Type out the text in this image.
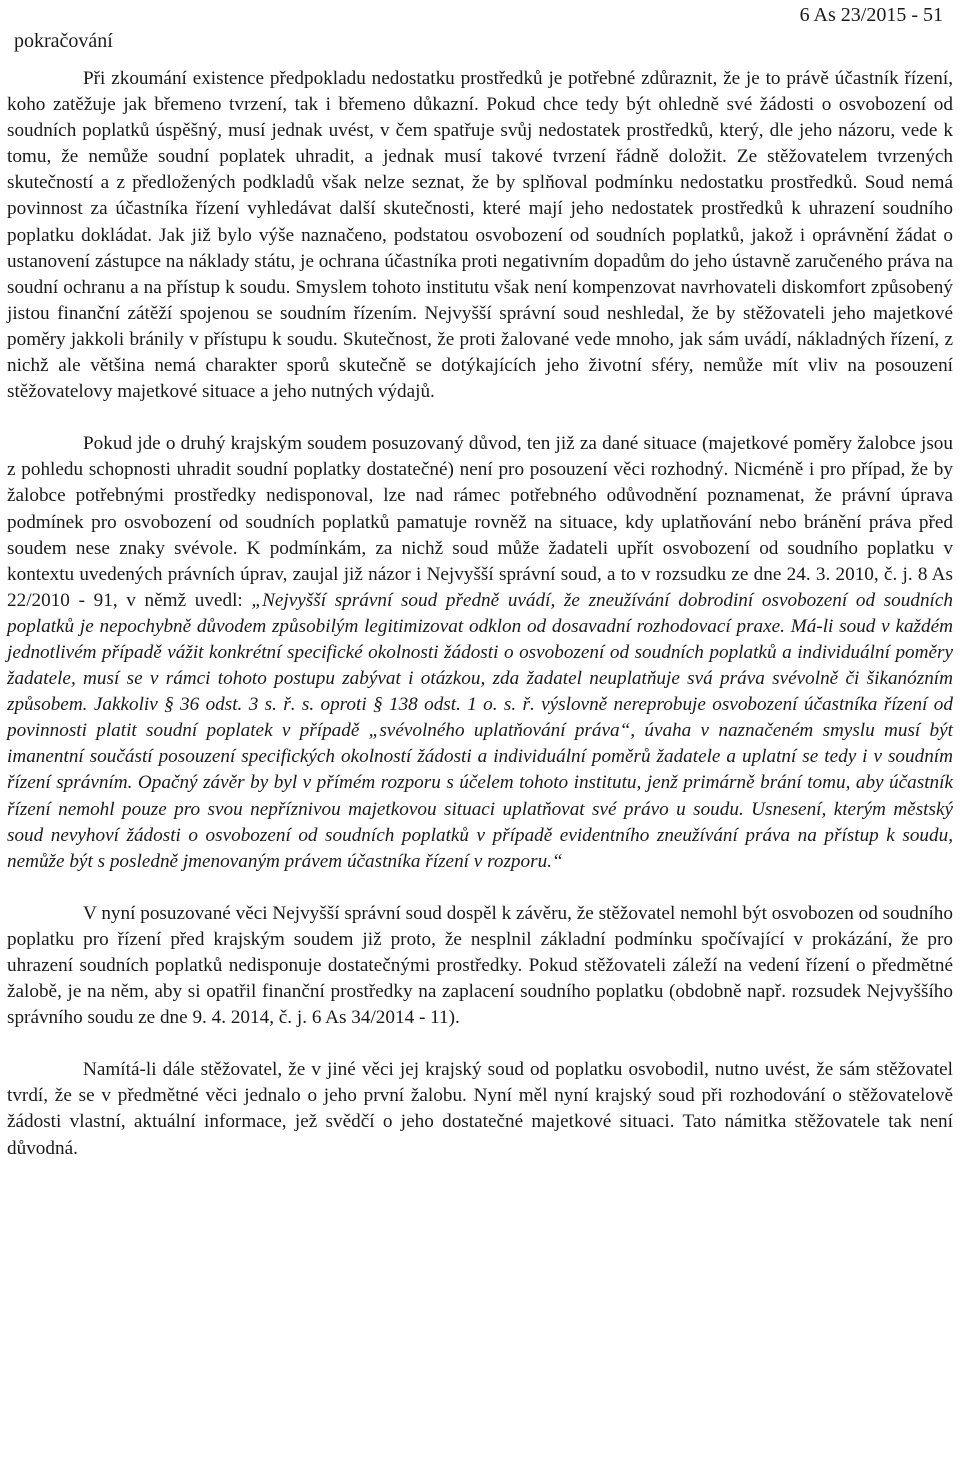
pokračování
6 As 23/2015 - 51

Při zkoumání existence předpokladu nedostatku prostředků je potřebné zdůraznit, že je to právě účastník řízení, koho zatěžuje jak břemeno tvrzení, tak i břemeno důkazní. Pokud chce tedy být ohledně své žádosti o osvobození od soudních poplatků úspěšný, musí jednak uvést, v čem spatřuje svůj nedostatek prostředků, který, dle jeho názoru, vede k tomu, že nemůže soudní poplatek uhradit, a jednak musí takové tvrzení řádně doložit. Ze stěžovatelem tvrzených skutečností a z předložených podkladů však nelze seznat, že by splňoval podmínku nedostatku prostředků. Soud nemá povinnost za účastníka řízení vyhledávat další skutečnosti, které mají jeho nedostatek prostředků k uhrazení soudního poplatku dokládat. Jak již bylo výše naznačeno, podstatou osvobození od soudních poplatků, jakož i oprávnění žádat o ustanovení zástupce na náklady státu, je ochrana účastníka proti negativním dopadům do jeho ústavně zaručeného práva na soudní ochranu a na přístup k soudu. Smyslem tohoto institutu však není kompenzovat navrhovateli diskomfort způsobený jistou finanční zátěží spojenou se soudním řízením. Nejvyšší správní soud neshledal, že by stěžovateli jeho majetkové poměry jakkoli bránily v přístupu k soudu. Skutečnost, že proti žalované vede mnoho, jak sám uvádí, nákladných řízení, z nichž ale většina nemá charakter sporů skutečně se dotýkajících jeho životní sféry, nemůže mít vliv na posouzení stěžovatelovy majetkové situace a jeho nutných výdajů.

Pokud jde o druhý krajským soudem posuzovaný důvod, ten již za dané situace (majetkové poměry žalobce jsou z pohledu schopnosti uhradit soudní poplatky dostatečné) není pro posouzení věci rozhodný. Nicméně i pro případ, že by žalobce potřebnými prostředky nedisponoval, lze nad rámec potřebného odůvodnění poznamenat, že právní úprava podmínek pro osvobození od soudních poplatků pamatuje rovněž na situace, kdy uplatňování nebo bránění práva před soudem nese znaky svévole. K podmínkám, za nichž soud může žadateli upřít osvobození od soudního poplatku v kontextu uvedených právních úprav, zaujal již názor i Nejvyšší správní soud, a to v rozsudku ze dne 24. 3. 2010, č. j. 8 As 22/2010 - 91, v němž uvedl: „Nejvyšší správní soud předně uvádí, že zneužívání dobrodiní osvobození od soudních poplatků je nepochybně důvodem způsobilým legitimizovat odklon od dosavadní rozhodovací praxe. Má-li soud v každém jednotlivém případě vážit konkrétní specifické okolnosti žádosti o osvobození od soudních poplatků a individuální poměry žadatele, musí se v rámci tohoto postupu zabývat i otázkou, zda žadatel neuplatňuje svá práva svévolně či šikanózním způsobem. Jakkoliv § 36 odst. 3 s. ř. s. oproti § 138 odst. 1 o. s. ř. výslovně nereprobuje osvobození účastníka řízení od povinnosti platit soudní poplatek v případě „svévolného uplatňování práva“, úvaha v naznačeném smyslu musí být imanentní součástí posouzení specifických okolností žádosti a individuální poměrů žadatele a uplatní se tedy i v soudním řízení správním. Opačný závěr by byl v přímém rozporu s účelem tohoto institutu, jenž primárně brání tomu, aby účastník řízení nemohl pouze pro svou nepříznivou majetkovou situaci uplatňovat své právo u soudu. Usnesení, kterým městský soud nevyhoví žádosti o osvobození od soudních poplatků v případě evidentního zneužívání práva na přístup k soudu, nemůže být s posledně jmenovaným právem účastníka řízení v rozporu.“

V nyní posuzované věci Nejvyšší správní soud dospěl k závěru, že stěžovatel nemohl být osvobozen od soudního poplatku pro řízení před krajským soudem již proto, že nesplnil základní podmínku spočívající v prokázání, že pro uhrazení soudních poplatků nedisponuje dostatečnými prostředky. Pokud stěžovateli záleží na vedení řízení o předmětné žalobě, je na něm, aby si opatřil finanční prostředky na zaplacení soudního poplatku (obdobně např. rozsudek Nejvyššího správního soudu ze dne 9. 4. 2014, č. j. 6 As 34/2014 - 11).

Namítá-li dále stěžovatel, že v jiné věci jej krajský soud od poplatku osvobodil, nutno uvést, že sám stěžovatel tvrdí, že se v předmětné věci jednalo o jeho první žalobu. Nyní měl nyní krajský soud při rozhodování o stěžovatelově žádosti vlastní, aktuální informace, jež svědčí o jeho dostatečné majetkové situaci. Tato námitka stěžovatele tak není důvodná.
